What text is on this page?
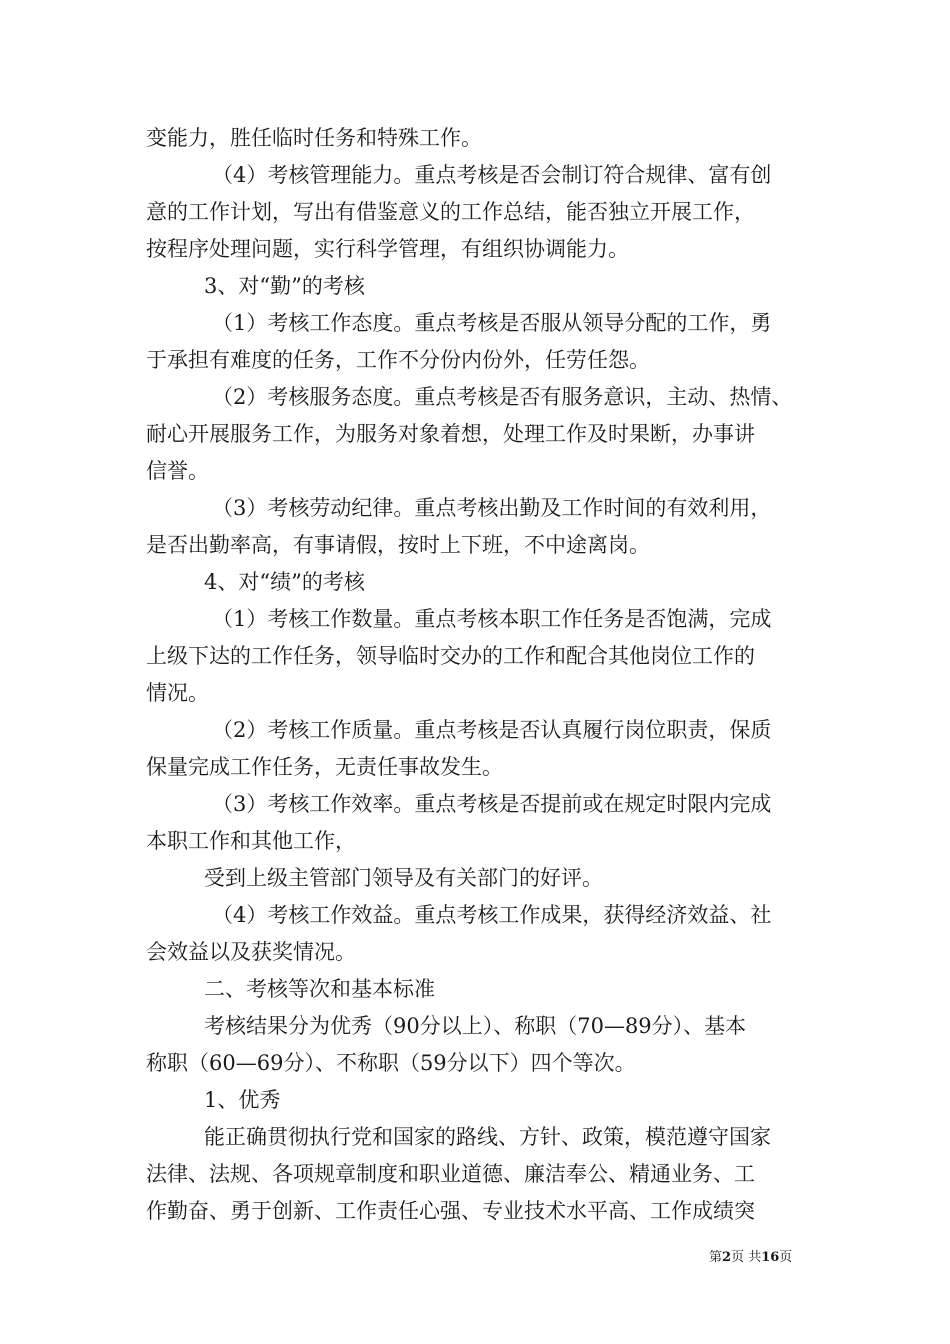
变能力，胜任临时任务和特殊工作。
（4）考核管理能力。重点考核是否会制订符合规律、富有创
意的工作计划，写出有借鉴意义的工作总结，能否独立开展工作，
按程序处理问题，实行科学管理，有组织协调能力。
3、对“勤”的考核
（1）考核工作态度。重点考核是否服从领导分配的工作，勇
于承担有难度的任务，工作不分份内份外，任劳任怨。
（2）考核服务态度。重点考核是否有服务意识，主动、热情、
耐心开展服务工作，为服务对象着想，处理工作及时果断，办事讲
信誉。
（3）考核劳动纪律。重点考核出勤及工作时间的有效利用，
是否出勤率高，有事请假，按时上下班，不中途离岗。
4、对“绩”的考核
（1）考核工作数量。重点考核本职工作任务是否饱满，完成
上级下达的工作任务，领导临时交办的工作和配合其他岗位工作的
情况。
（2）考核工作质量。重点考核是否认真履行岗位职责，保质
保量完成工作任务，无责任事故发生。
（3）考核工作效率。重点考核是否提前或在规定时限内完成
本职工作和其他工作，
受到上级主管部门领导及有关部门的好评。
（4）考核工作效益。重点考核工作成果，获得经济效益、社
会效益以及获奖情况。
二、考核等次和基本标准
考核结果分为优秀（90分以上）、称职（70—89分）、基本
称职（60—69分）、不称职（59分以下）四个等次。
1、优秀
能正确贯彻执行党和国家的路线、方针、政策，模范遵守国家
法律、法规、各项规章制度和职业道德、廉洁奉公、精通业务、工
作勤奋、勇于创新、工作责任心强、专业技术水平高、工作成绩突
第2页 共16页
